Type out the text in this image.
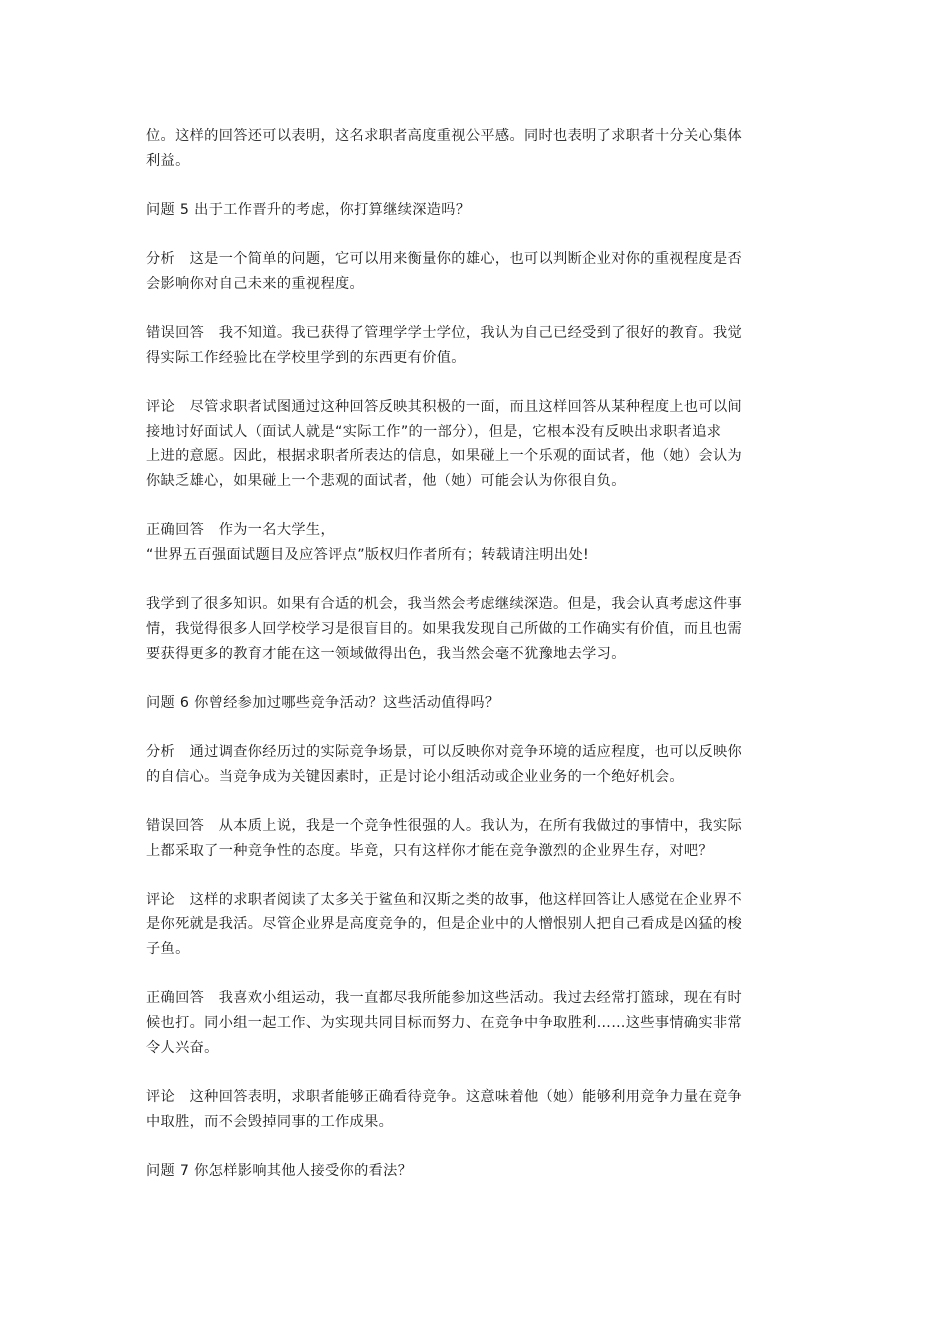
位。这样的回答还可以表明，这名求职者高度重视公平感。同时也表明了求职者十分关心集体
利益。
问题 5 出于工作晋升的考虑，你打算继续深造吗？
分析　这是一个简单的问题，它可以用来衡量你的雄心，也可以判断企业对你的重视程度是否
会影响你对自己未来的重视程度。
错误回答　我不知道。我已获得了管理学学士学位，我认为自己已经受到了很好的教育。我觉
得实际工作经验比在学校里学到的东西更有价值。
评论　尽管求职者试图通过这种回答反映其积极的一面，而且这样回答从某种程度上也可以间
接地讨好面试人（面试人就是“实际工作”的一部分），但是，它根本没有反映出求职者追求
上进的意愿。因此，根据求职者所表达的信息，如果碰上一个乐观的面试者，他（她）会认为
你缺乏雄心，如果碰上一个悲观的面试者，他（她）可能会认为你很自负。
正确回答　作为一名大学生，
“世界五百强面试题目及应答评点”版权归作者所有；转载请注明出处!
我学到了很多知识。如果有合适的机会，我当然会考虑继续深造。但是，我会认真考虑这件事
情，我觉得很多人回学校学习是很盲目的。如果我发现自己所做的工作确实有价值，而且也需
要获得更多的教育才能在这一领域做得出色，我当然会毫不犹豫地去学习。
问题 6 你曾经参加过哪些竞争活动？这些活动值得吗？
分析　通过调查你经历过的实际竞争场景，可以反映你对竞争环境的适应程度，也可以反映你
的自信心。当竞争成为关键因素时，正是讨论小组活动或企业业务的一个绝好机会。
错误回答　从本质上说，我是一个竞争性很强的人。我认为，在所有我做过的事情中，我实际
上都采取了一种竞争性的态度。毕竟，只有这样你才能在竞争激烈的企业界生存，对吧？
评论　这样的求职者阅读了太多关于鲨鱼和汉斯之类的故事，他这样回答让人感觉在企业界不
是你死就是我活。尽管企业界是高度竞争的，但是企业中的人憎恨别人把自己看成是凶猛的梭
子鱼。
正确回答　我喜欢小组运动，我一直都尽我所能参加这些活动。我过去经常打篮球，现在有时
候也打。同小组一起工作、为实现共同目标而努力、在竞争中争取胜利……这些事情确实非常
令人兴奋。
评论　这种回答表明，求职者能够正确看待竞争。这意味着他（她）能够利用竞争力量在竞争
中取胜，而不会毁掉同事的工作成果。
问题 7 你怎样影响其他人接受你的看法？
